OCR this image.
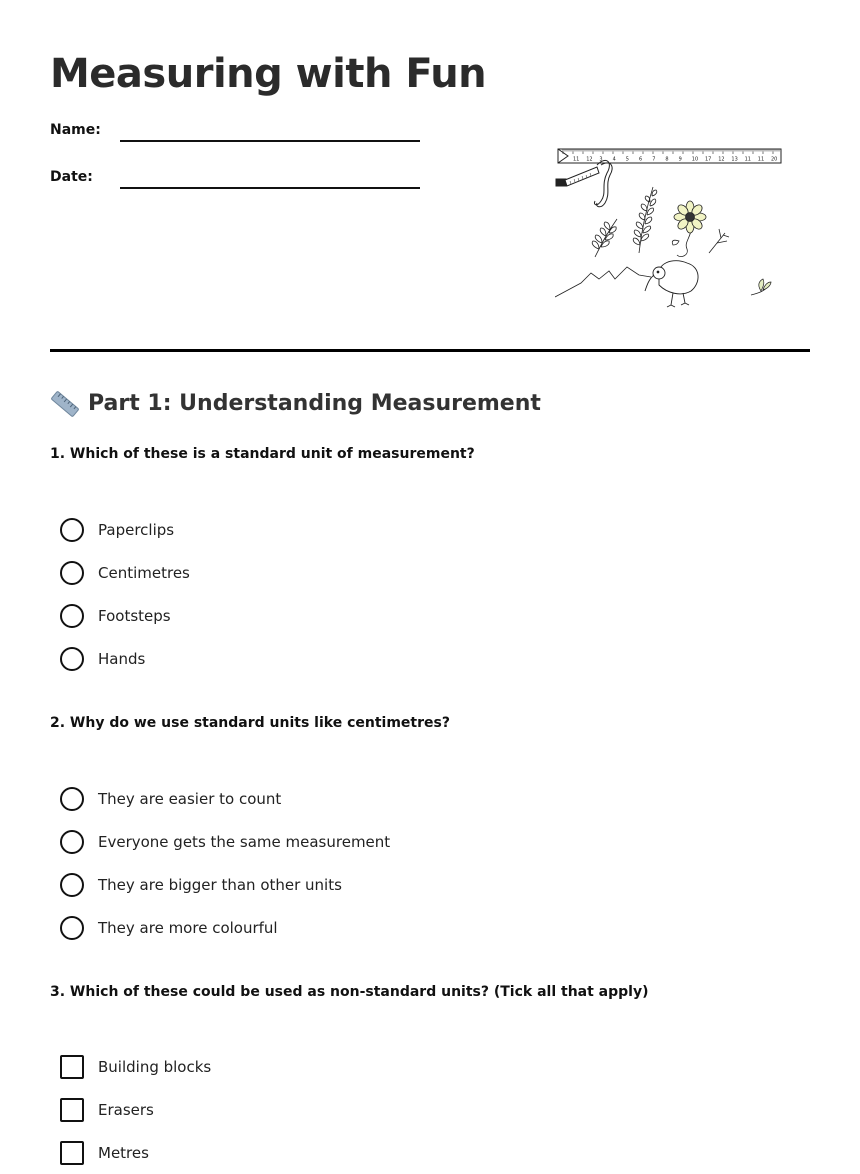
Measuring with Fun
Name:
Date:
11 12 3 4 5 6 7 8 9 10 17 12 13 11 11 20
Part 1: Understanding Measurement

1. Which of these is a standard unit of measurement?

Paperclips
Centimetres
Footsteps
Hands

2. Why do we use standard units like centimetres?

They are easier to count
Everyone gets the same measurement
They are bigger than other units
They are more colourful

3. Which of these could be used as non-standard units? (Tick all that apply)

Building blocks
Erasers
Metres
